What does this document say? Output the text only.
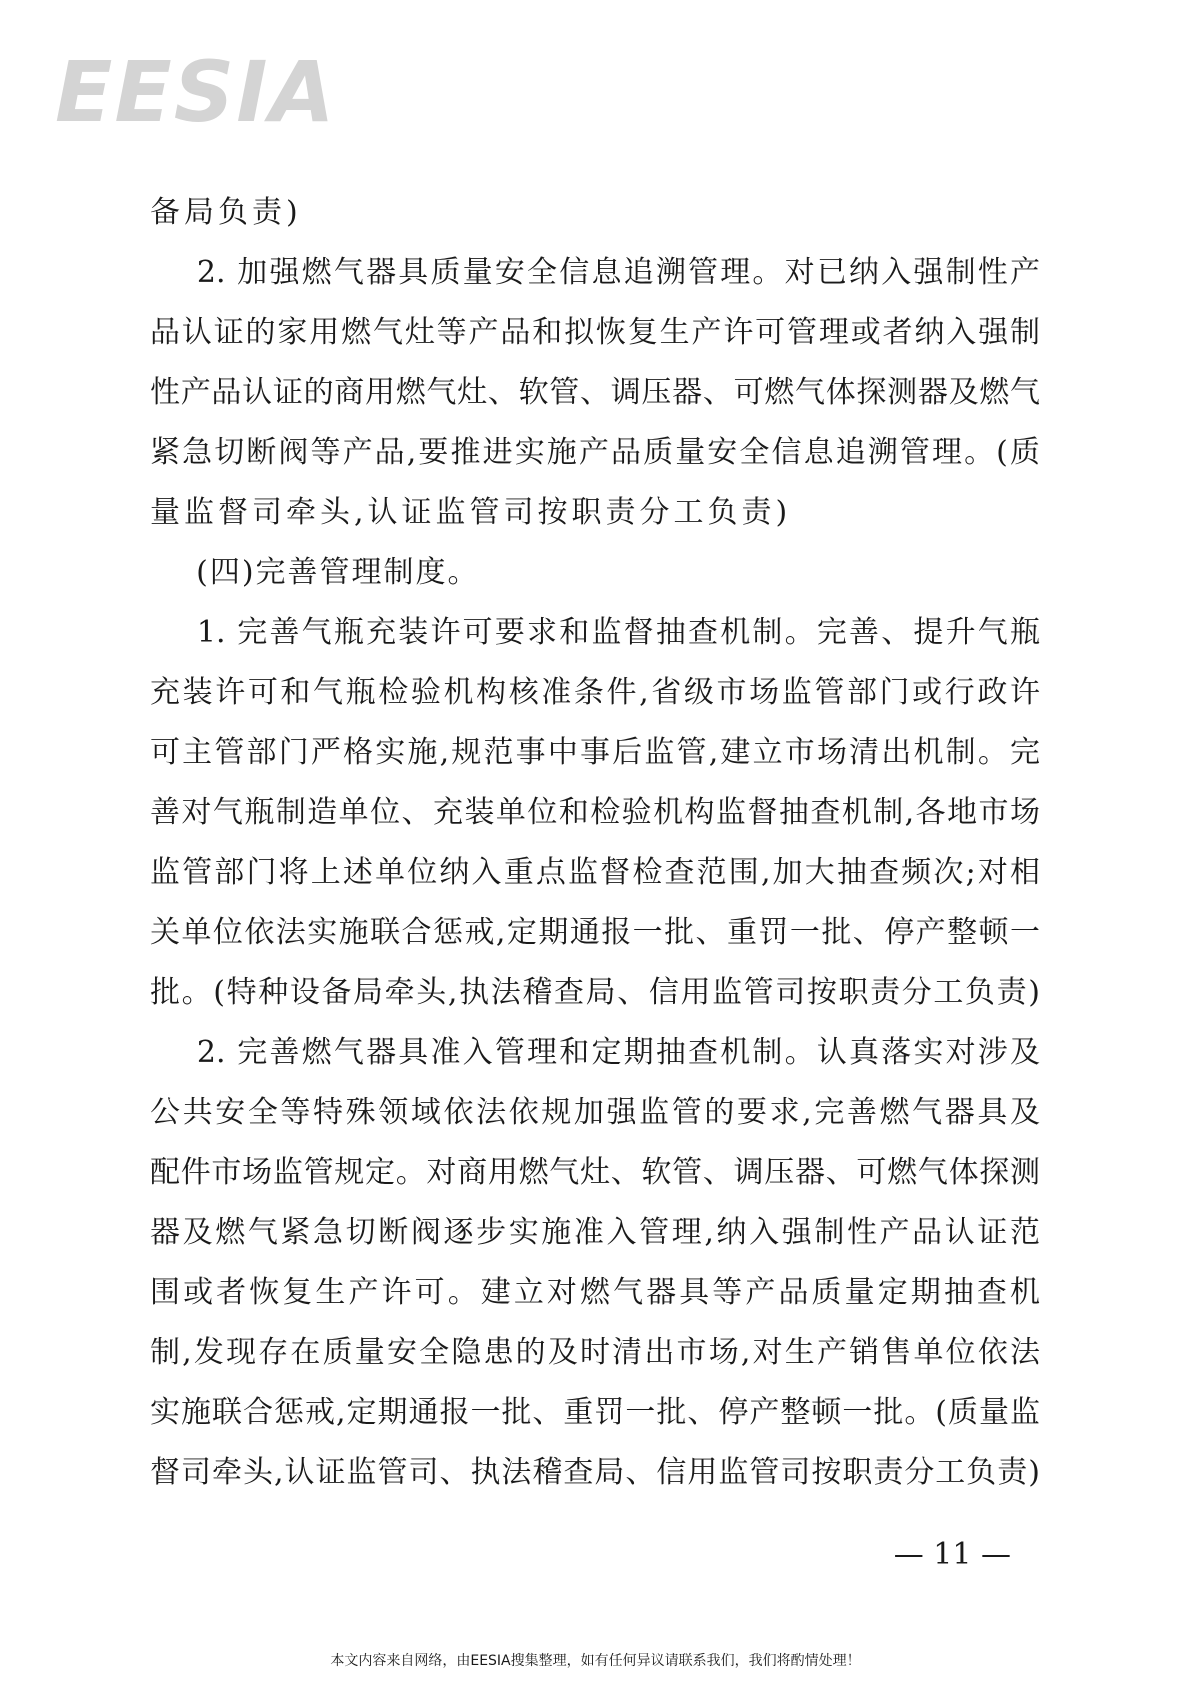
EESIA
备局负责)
2. 加强燃气器具质量安全信息追溯管理。对已纳入强制性产
品认证的家用燃气灶等产品和拟恢复生产许可管理或者纳入强制
性产品认证的商用燃气灶、软管、调压器、可燃气体探测器及燃气
紧急切断阀等产品,要推进实施产品质量安全信息追溯管理。(质
量监督司牵头,认证监管司按职责分工负责)
(四)完善管理制度。
1. 完善气瓶充装许可要求和监督抽查机制。完善、提升气瓶
充装许可和气瓶检验机构核准条件,省级市场监管部门或行政许
可主管部门严格实施,规范事中事后监管,建立市场清出机制。完
善对气瓶制造单位、充装单位和检验机构监督抽查机制,各地市场
监管部门将上述单位纳入重点监督检查范围,加大抽查频次;对相
关单位依法实施联合惩戒,定期通报一批、重罚一批、停产整顿一
批。(特种设备局牵头,执法稽查局、信用监管司按职责分工负责)
2. 完善燃气器具准入管理和定期抽查机制。认真落实对涉及
公共安全等特殊领域依法依规加强监管的要求,完善燃气器具及
配件市场监管规定。对商用燃气灶、软管、调压器、可燃气体探测
器及燃气紧急切断阀逐步实施准入管理,纳入强制性产品认证范
围或者恢复生产许可。建立对燃气器具等产品质量定期抽查机
制,发现存在质量安全隐患的及时清出市场,对生产销售单位依法
实施联合惩戒,定期通报一批、重罚一批、停产整顿一批。(质量监
督司牵头,认证监管司、执法稽查局、信用监管司按职责分工负责)
— 11 —
本文内容来自网络，由EESIA搜集整理，如有任何异议请联系我们，我们将酌情处理！
